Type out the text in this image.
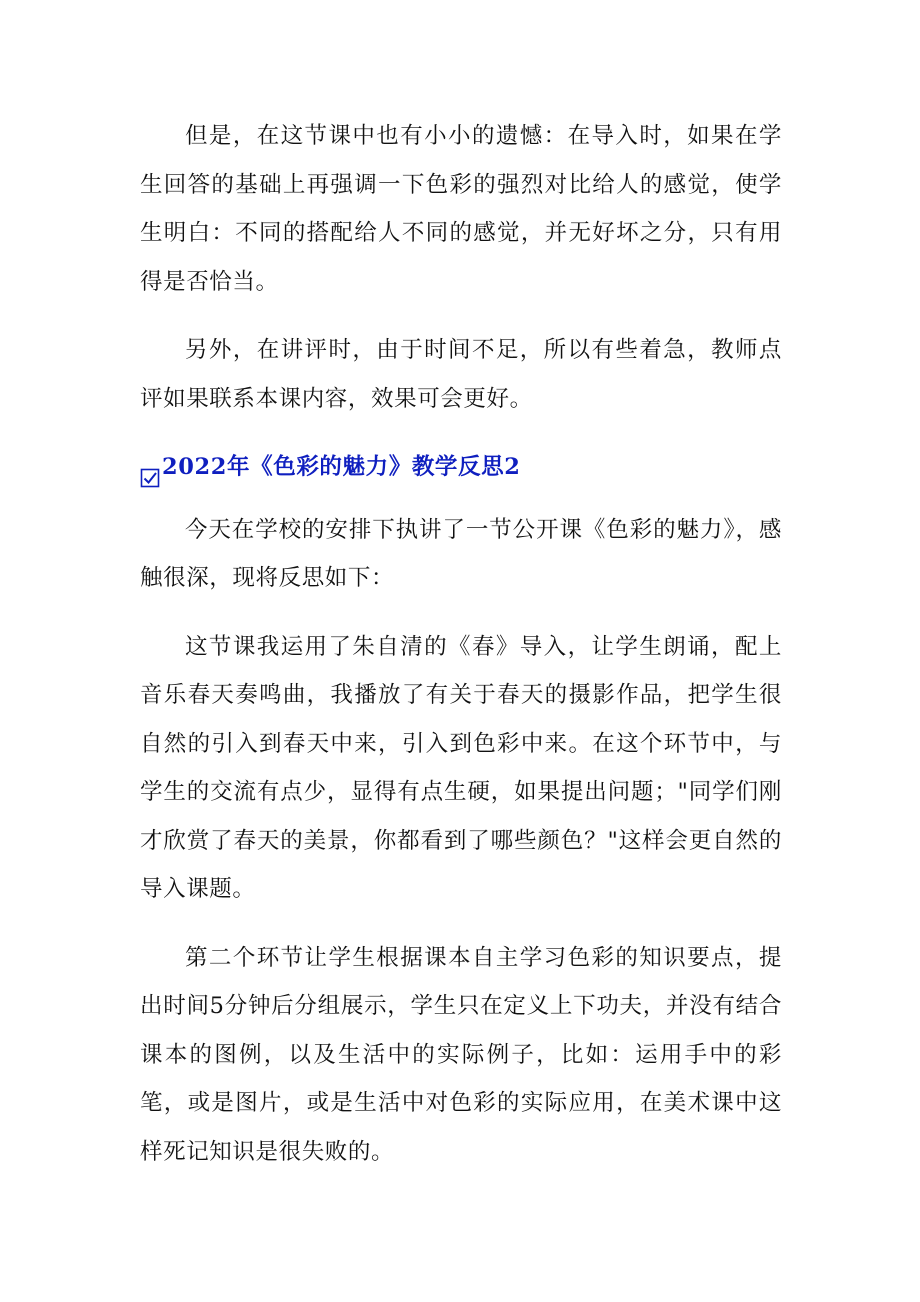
但是，在这节课中也有小小的遗憾：在导入时，如果在学生回答的基础上再强调一下色彩的强烈对比给人的感觉，使学生明白：不同的搭配给人不同的感觉，并无好坏之分，只有用得是否恰当。

另外，在讲评时，由于时间不足，所以有些着急，教师点评如果联系本课内容，效果可会更好。

2022年《色彩的魅力》教学反思2

今天在学校的安排下执讲了一节公开课《色彩的魅力》，感触很深，现将反思如下：

这节课我运用了朱自清的《春》导入，让学生朗诵，配上音乐春天奏鸣曲，我播放了有关于春天的摄影作品，把学生很自然的引入到春天中来，引入到色彩中来。在这个环节中，与学生的交流有点少，显得有点生硬，如果提出问题；"同学们刚才欣赏了春天的美景，你都看到了哪些颜色？"这样会更自然的导入课题。

第二个环节让学生根据课本自主学习色彩的知识要点，提出时间5分钟后分组展示，学生只在定义上下功夫，并没有结合课本的图例，以及生活中的实际例子，比如：运用手中的彩笔，或是图片，或是生活中对色彩的实际应用，在美术课中这样死记知识是很失败的。
